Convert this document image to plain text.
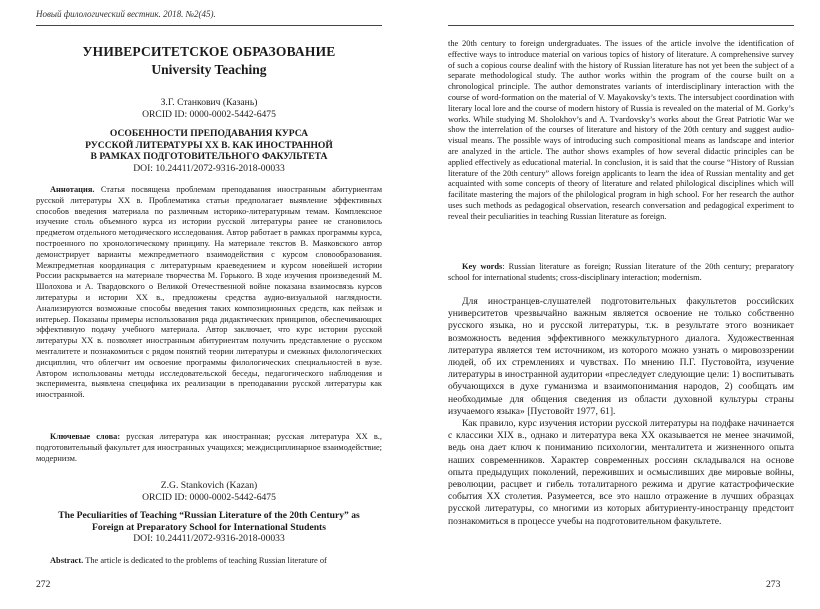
Новый филологический вестник. 2018. №2(45).
УНИВЕРСИТЕТСКОЕ ОБРАЗОВАНИЕ
University Teaching
З.Г. Станкович (Казань)
ORCID ID: 0000-0002-5442-6475
ОСОБЕННОСТИ ПРЕПОДАВАНИЯ КУРСА
РУССКОЙ ЛИТЕРАТУРЫ XX В. КАК ИНОСТРАННОЙ
В РАМКАХ ПОДГОТОВИТЕЛЬНОГО ФАКУЛЬТЕТА
DOI: 10.24411/2072-9316-2018-00033
Аннотация. Статья посвящена проблемам преподавания иностранным абитуриентам русской литературы XX в. Проблематика статьи предполагает выявление эффективных способов введения материала по различным историко-литературным темам. Комплексное изучение столь объемного курса из истории русской литературы ранее не становилось предметом отдельного методического исследования. Автор работает в рамках программы курса, построенного по хронологическому принципу. На материале текстов В. Маяковского автор демонстрирует варианты межпредметного взаимодействия с курсом словообразования. Межпредметная координация с литературным краеведением и курсом новейшей истории России раскрывается на материале творчества М. Горького. В ходе изучения произведений М. Шолохова и А. Твардовского о Великой Отечественной войне показана взаимосвязь курсов литературы и истории XX в., предложены средства аудио-визуальной наглядности. Анализируются возможные способы введения таких композиционных средств, как пейзаж и интерьер. Показаны примеры использования ряда дидактических принципов, обеспечивающих эффективную подачу учебного материала. Автор заключает, что курс истории русской литературы XX в. позволяет иностранным абитуриентам получить представление о русском менталитете и познакомиться с рядом понятий теории литературы и смежных филологических дисциплин, что облегчит им освоение программы филологических специальностей в вузе. Автором использованы методы исследовательской беседы, педагогического наблюдения и эксперимента, выявлена специфика их реализации в преподавании русской литературы как иностранной.
Ключевые слова: русская литература как иностранная; русская литература XX в., подготовительный факультет для иностранных учащихся; междисциплинарное взаимодействие; модернизм.
Z.G. Stankovich (Kazan)
ORCID ID: 0000-0002-5442-6475
The Peculiarities of Teaching “Russian Literature of the 20th Century” as
Foreign at Preparatory School for International Students
DOI: 10.24411/2072-9316-2018-00033
Abstract. The article is dedicated to the problems of teaching Russian literature of
272
the 20th century to foreign undergraduates. The issues of the article involve the identification of effective ways to introduce material on various topics of history of literature. A comprehensive survey of such a copious course dealinf with the history of Russian literature has not yet been the subject of a separate methodological study. The author works within the program of the course built on a chronological principle. The author demonstrates variants of interdisciplinary interaction with the course of word-formation on the material of V. Mayakovsky’s texts. The intersubject coordination with literary local lore and the course of modern history of Russia is revealed on the material of M. Gorky’s works. While studying M. Sholokhov’s and A. Tvardovsky’s works about the Great Patriotic War we show the interrelation of the courses of literature and history of the 20th century and suggest audio-visual means. The possible ways of introducing such compositional means as landscape and interior are analyzed in the article. The author shows examples of how several didactic principles can be applied effectively as educational material. In conclusion, it is said that the course “History of Russian literature of the 20th century” allows foreign applicants to learn the idea of Russian mentality and get acquainted with some concepts of theory of literature and related philological disciplines which will facilitate mastering the majors of the philological program in high school. For her research the author uses such methods as pedagogical observation, research conversation and pedagogical experiment to reveal their peculiarities in teaching Russian literature as foreign.
Key words: Russian literature as foreign; Russian literature of the 20th century; preparatory school for international students; cross-disciplinary interaction; modernism.

Для иностранцев-слушателей подготовительных факультетов российских университетов чрезвычайно важным является освоение не только собственно русского языка, но и русской литературы, т.к. в результате этого возникает возможность ведения эффективного межкультурного диалога. Художественная литература является тем источником, из которого можно узнать о мировоззрении людей, об их стремлениях и чувствах. По мнению П.Г. Пустовойта, изучение литературы в иностранной аудитории «преследует следующие цели: 1) воспитывать обучающихся в духе гуманизма и взаимопонимания народов, 2) сообщать им необходимые для общения сведения из области духовной культуры страны изучаемого языка» [Пустовойт 1977, 61].

Как правило, курс изучения истории русской литературы на подфаке начинается с классики XIX в., однако и литература века XX оказывается не менее значимой, ведь она дает ключ к пониманию психологии, менталитета и жизненного опыта наших современников. Характер современных россиян складывался на основе опыта предыдущих поколений, переживших и осмысливших две мировые войны, революции, расцвет и гибель тоталитарного режима и другие катастрофические события XX столетия. Разумеется, все это нашло отражение в лучших образцах русской литературы, со многими из которых абитуриенту-иностранцу предстоит познакомиться в процессе учебы на подготовительном факультете.

273
